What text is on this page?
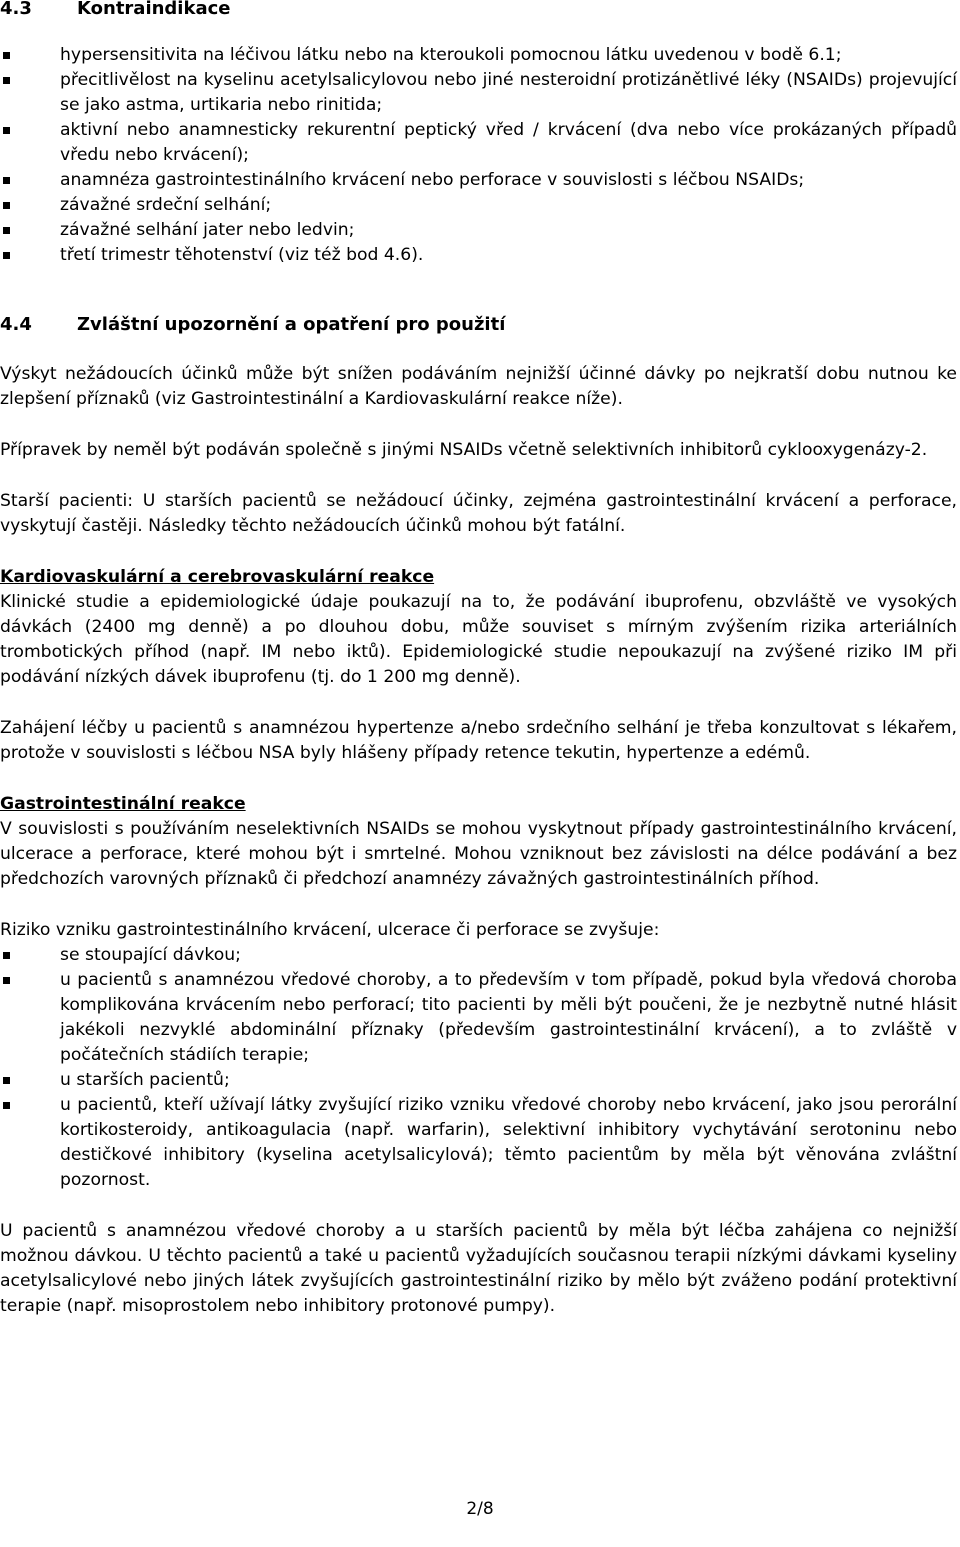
4.3	Kontraindikace
hypersensitivita na léčivou látku nebo na kteroukoli pomocnou látku uvedenou v bodě 6.1;
přecitlivělost na kyselinu acetylsalicylovou nebo jiné nesteroidní protizánětlivé léky (NSAIDs) projevující se jako astma, urtikaria nebo rinitida;
aktivní nebo anamnesticky rekurentní peptický vřed / krvácení (dva nebo více prokázaných případů vředu nebo krvácení);
anamnéza gastrointestinálního krvácení nebo perforace v souvislosti s léčbou NSAIDs;
závažné srdeční selhání;
závažné selhání jater nebo ledvin;
třetí trimestr těhotenství (viz též bod 4.6).
4.4	Zvláštní upozornění a opatření pro použití

Výskyt nežádoucích účinků může být snížen podáváním nejnižší účinné dávky po nejkratší dobu nutnou ke zlepšení příznaků (viz Gastrointestinální a Kardiovaskulární reakce níže).

Přípravek by neměl být podáván společně s jinými NSAIDs včetně selektivních inhibitorů cyklooxygenázy-2.

Starší pacienti: U starších pacientů se nežádoucí účinky, zejména gastrointestinální krvácení a perforace, vyskytují častěji. Následky těchto nežádoucích účinků mohou být fatální.

Kardiovaskulární a cerebrovaskulární reakce
Klinické studie a epidemiologické údaje poukazují na to, že podávání ibuprofenu, obzvláště ve vysokých dávkách (2400 mg denně) a po dlouhou dobu, může souviset s mírným zvýšením rizika arteriálních trombotických příhod (např. IM nebo iktů). Epidemiologické studie nepoukazují na zvýšené riziko IM při podávání nízkých dávek ibuprofenu (tj. do 1 200 mg denně).

Zahájení léčby u pacientů s anamnézou hypertenze a/nebo srdečního selhání je třeba konzultovat s lékařem, protože v souvislosti s léčbou NSA byly hlášeny případy retence tekutin, hypertenze a edémů.

Gastrointestinální reakce
V souvislosti s používáním neselektivních NSAIDs se mohou vyskytnout případy gastrointestinálního krvácení, ulcerace a perforace, které mohou být i smrtelné. Mohou vzniknout bez závislosti na délce podávání a bez předchozích varovných příznaků či předchozí anamnézy závažných gastrointestinálních příhod.

Riziko vzniku gastrointestinálního krvácení, ulcerace či perforace se zvyšuje:

se stoupající dávkou;
u pacientů s anamnézou vředové choroby, a to především v tom případě, pokud byla vředová choroba komplikována krvácením nebo perforací; tito pacienti by měli být poučeni, že je nezbytně nutné hlásit jakékoli nezvyklé abdominální příznaky (především gastrointestinální krvácení), a to zvláště v počátečních stádiích terapie;
u starších pacientů;
u pacientů, kteří užívají látky zvyšující riziko vzniku vředové choroby nebo krvácení, jako jsou perorální kortikosteroidy, antikoagulacia (např. warfarin), selektivní inhibitory vychytávání serotoninu nebo destičkové inhibitory (kyselina acetylsalicylová); těmto pacientům by měla být věnována zvláštní pozornost.

U pacientů s anamnézou vředové choroby a u starších pacientů by měla být léčba zahájena co nejnižší možnou dávkou. U těchto pacientů a také u pacientů vyžadujících současnou terapii nízkými dávkami kyseliny acetylsalicylové nebo jiných látek zvyšujících gastrointestinální riziko by mělo být zváženo podání protektivní terapie (např. misoprostolem nebo inhibitory protonové pumpy).

2/8
